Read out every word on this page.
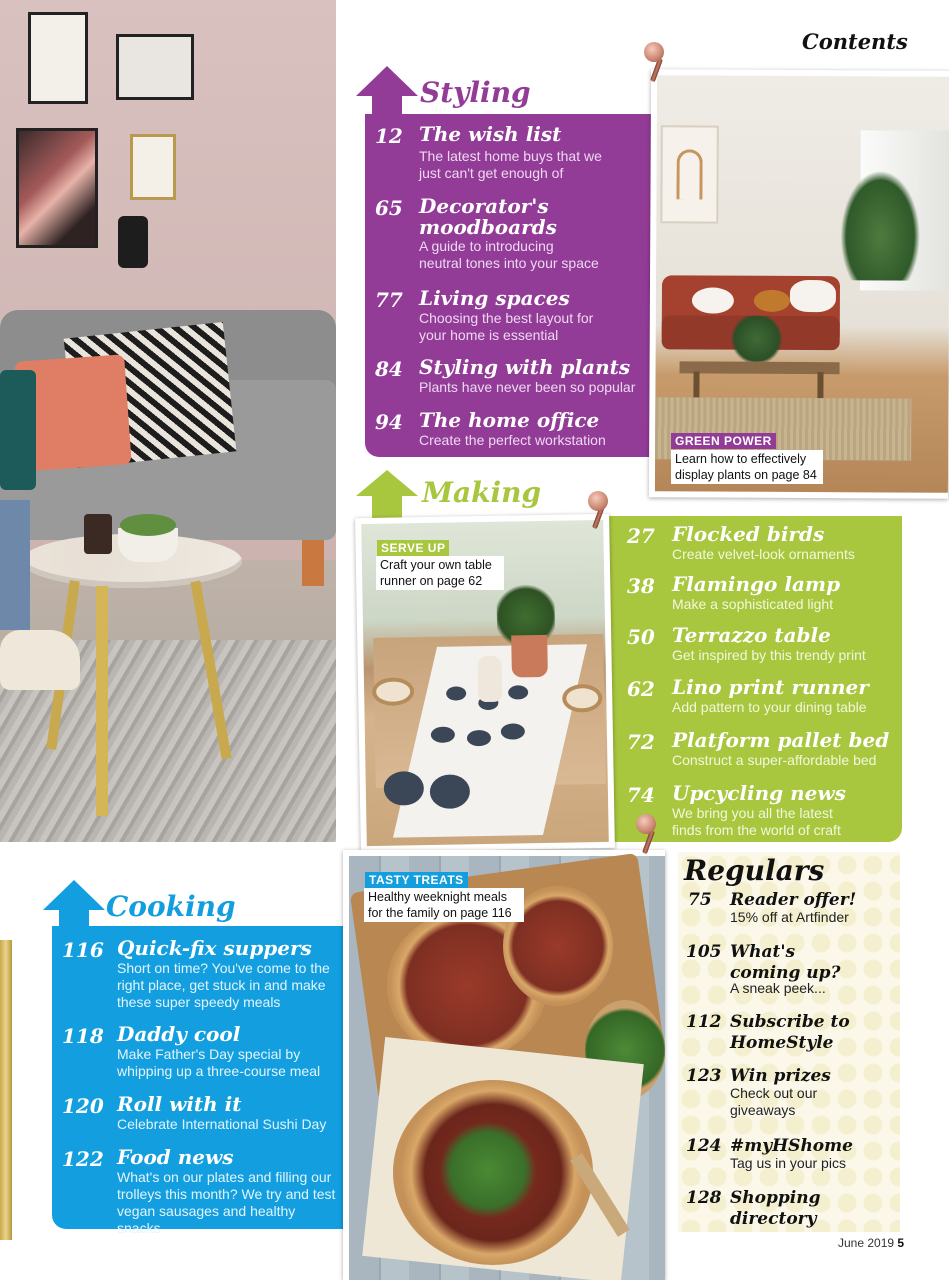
Contents
Styling
12 The wish list
The latest home buys that we just can't get enough of
65 Decorator's moodboards
A guide to introducing neutral tones into your space
77 Living spaces
Choosing the best layout for your home is essential
84 Styling with plants
Plants have never been so popular
94 The home office
Create the perfect workstation	GREEN POWER
Learn how to effectively display plants on page 84
Making
27 Flocked birds
Create velvet-look ornaments
38 Flamingo lamp
Make a sophisticated light
50 Terrazzo table
Get inspired by this trendy print
62 Lino print runner
Add pattern to your dining table
72 Platform pallet bed
Construct a super-affordable bed
74 Upcycling news
We bring you all the latest finds from the world of craft
SERVE UP
Craft your own table runner on page 62
Cooking
116 Quick-fix suppers
Short on time? You've come to the right place, get stuck in and make these super speedy meals
118 Daddy cool
Make Father's Day special by whipping up a three-course meal
120 Roll with it
Celebrate International Sushi Day
122 Food news
What's on our plates and filling our trolleys this month? We try and test vegan sausages and healthy snacks
TASTY TREATS
Healthy weeknight meals for the family on page 116
Regulars
75 Reader offer!
15% off at Artfinder
105 What's coming up?
A sneak peek...
112 Subscribe to HomeStyle
123 Win prizes
Check out our giveaways
124 #myHShome
Tag us in your pics
128 Shopping directory
June 2019 5
